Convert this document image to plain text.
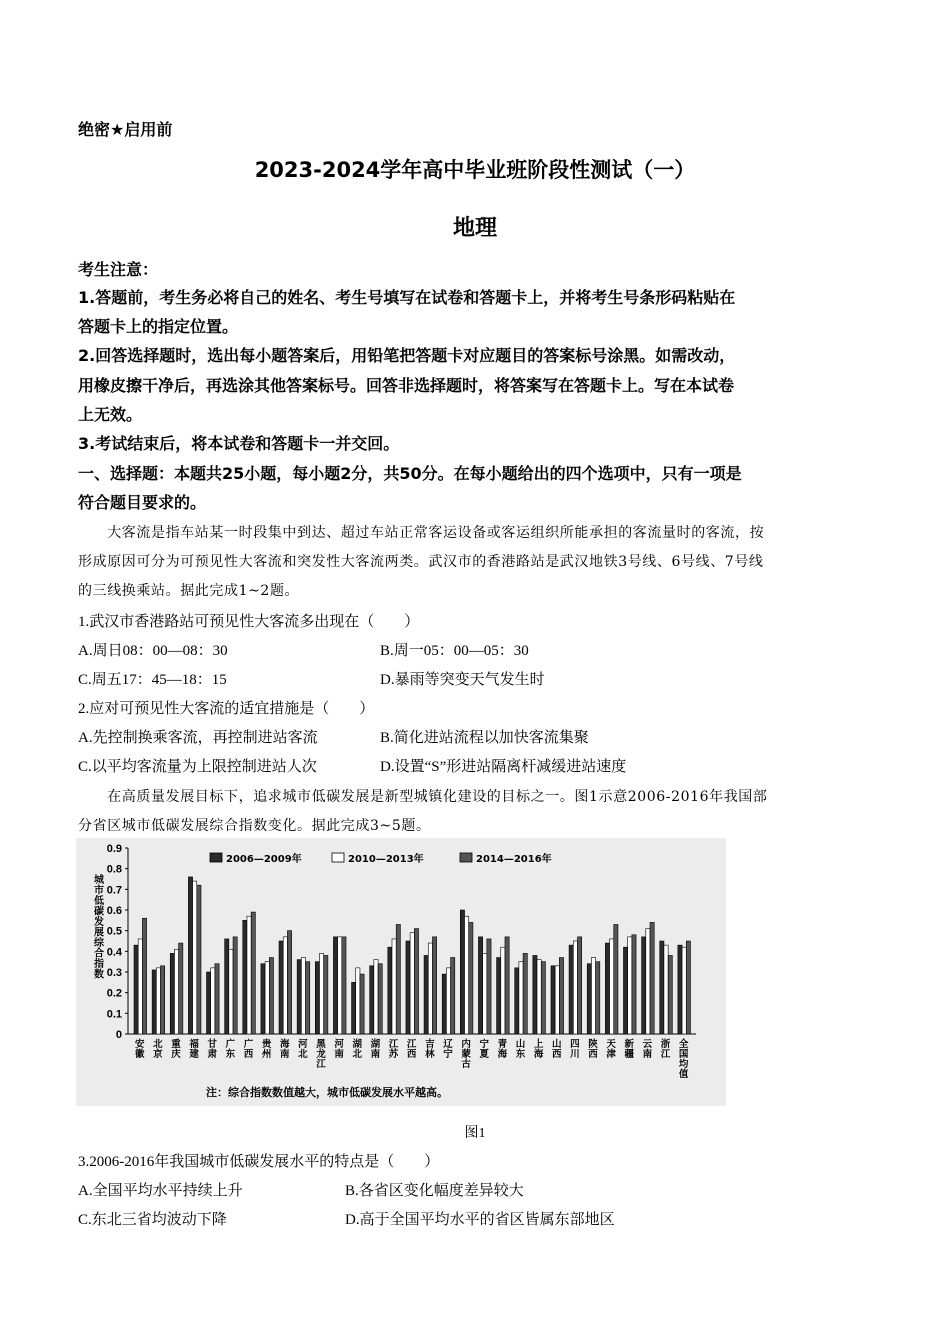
绝密★启用前
2023-2024学年高中毕业班阶段性测试（一）
地理
考生注意：
1.答题前，考生务必将自己的姓名、考生号填写在试卷和答题卡上，并将考生号条形码粘贴在
答题卡上的指定位置。
2.回答选择题时，选出每小题答案后，用铅笔把答题卡对应题目的答案标号涂黑。如需改动，
用橡皮擦干净后，再选涂其他答案标号。回答非选择题时，将答案写在答题卡上。写在本试卷
上无效。
3.考试结束后，将本试卷和答题卡一并交回。
一、选择题：本题共25小题，每小题2分，共50分。在每小题给出的四个选项中，只有一项是
符合题目要求的。
　　大客流是指车站某一时段集中到达、超过车站正常客运设备或客运组织所能承担的客流量时的客流，按
形成原因可分为可预见性大客流和突发性大客流两类。武汉市的香港路站是武汉地铁3号线、6号线、7号线
的三线换乘站。据此完成1~2题。
1.武汉市香港路站可预见性大客流多出现在（　　）
A.周日08：00—08：30	B.周一05：00—05：30
C.周五17：45—18：15	D.暴雨等突变天气发生时
2.应对可预见性大客流的适宜措施是（　　）
A.先控制换乘客流，再控制进站客流	B.简化进站流程以加快客流集聚
C.以平均客流量为上限控制进站人次	D.设置“S”形进站隔离杆减缓进站速度
　　在高质量发展目标下，追求城市低碳发展是新型城镇化建设的目标之一。图1示意2006-2016年我国部
分省区城市低碳发展综合指数变化。据此完成3~5题。
2006—2009年	2010—2013年	2014—2016年
0
0.1
0.2
0.3
0.4
0.5
0.6
0.7
0.8
0.9
安徽
北京
重庆
福建
甘肃
广东
广西
贵州
海南
河北
黑龙江
河南
湖北
湖南
江苏
江西
吉林
辽宁
内蒙古
宁夏
青海
山东
上海
山西
四川
陕西
天津
新疆
云南
浙江
全国均值
城市低碳发展综合指数
注：综合指数数值越大，城市低碳发展水平越高。
图1
3.2006-2016年我国城市低碳发展水平的特点是（　　）
A.全国平均水平持续上升	B.各省区变化幅度差异较大
C.东北三省均波动下降	D.高于全国平均水平的省区皆属东部地区
